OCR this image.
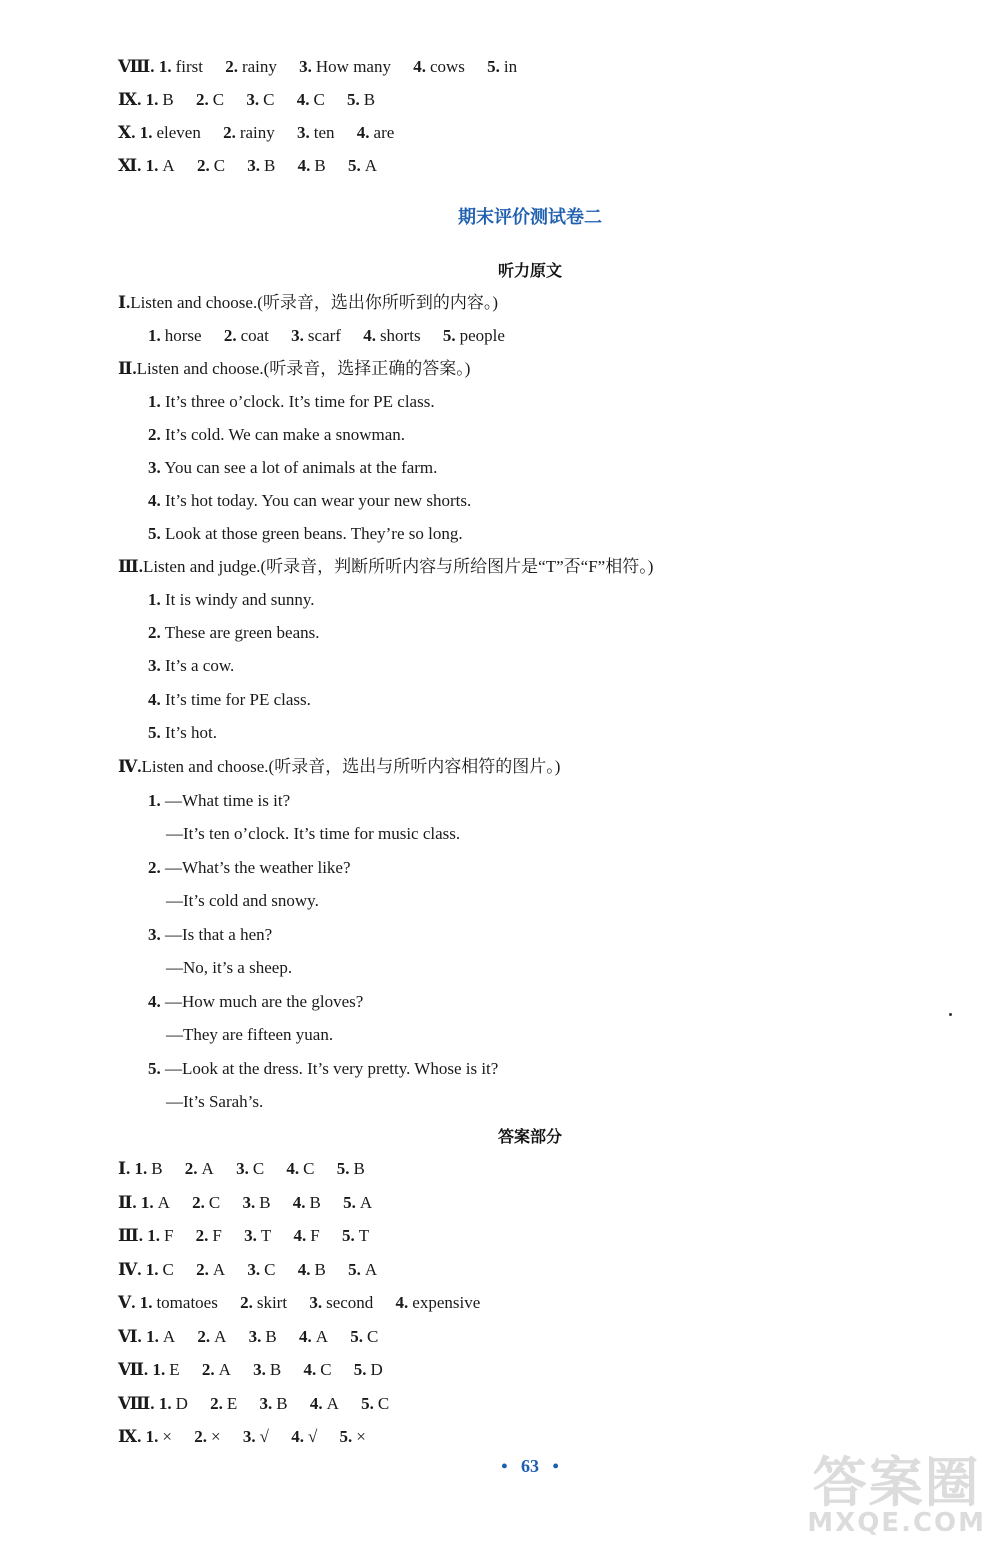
Ⅷ. 1. first 2. rainy 3. How many 4. cows 5. in
Ⅸ. 1. B 2. C 3. C 4. C 5. B
Ⅹ. 1. eleven 2. rainy 3. ten 4. are
Ⅺ. 1. A 2. C 3. B 4. B 5. A
期末评价测试卷二
听力原文
Ⅰ.Listen and choose.(听录音，选出你所听到的内容。)
1. horse 2. coat 3. scarf 4. shorts 5. people
Ⅱ.Listen and choose.(听录音，选择正确的答案。)
1. It’s three o’clock. It’s time for PE class.
2. It’s cold. We can make a snowman.
3. You can see a lot of animals at the farm.
4. It’s hot today. You can wear your new shorts.
5. Look at those green beans. They’re so long.
Ⅲ.Listen and judge.(听录音，判断所听内容与所给图片是“T”否“F”相符。)
1. It is windy and sunny.
2. These are green beans.
3. It’s a cow.
4. It’s time for PE class.
5. It’s hot.
Ⅳ.Listen and choose.(听录音，选出与所听内容相符的图片。)
1. —What time is it?
—It’s ten o’clock. It’s time for music class.
2. —What’s the weather like?
—It’s cold and snowy.
3. —Is that a hen?
—No, it’s a sheep.
4. —How much are the gloves?
—They are fifteen yuan.
5. —Look at the dress. It’s very pretty. Whose is it?
—It’s Sarah’s.
答案部分
Ⅰ. 1. B 2. A 3. C 4. C 5. B
Ⅱ. 1. A 2. C 3. B 4. B 5. A
Ⅲ. 1. F 2. F 3. T 4. F 5. T
Ⅳ. 1. C 2. A 3. C 4. B 5. A
Ⅴ. 1. tomatoes 2. skirt 3. second 4. expensive
Ⅵ. 1. A 2. A 3. B 4. A 5. C
Ⅶ. 1. E 2. A 3. B 4. C 5. D
Ⅷ. 1. D 2. E 3. B 4. A 5. C
Ⅸ. 1. × 2. × 3. √ 4. √ 5. ×
• 63 •	答案圈
MXQE.COM
